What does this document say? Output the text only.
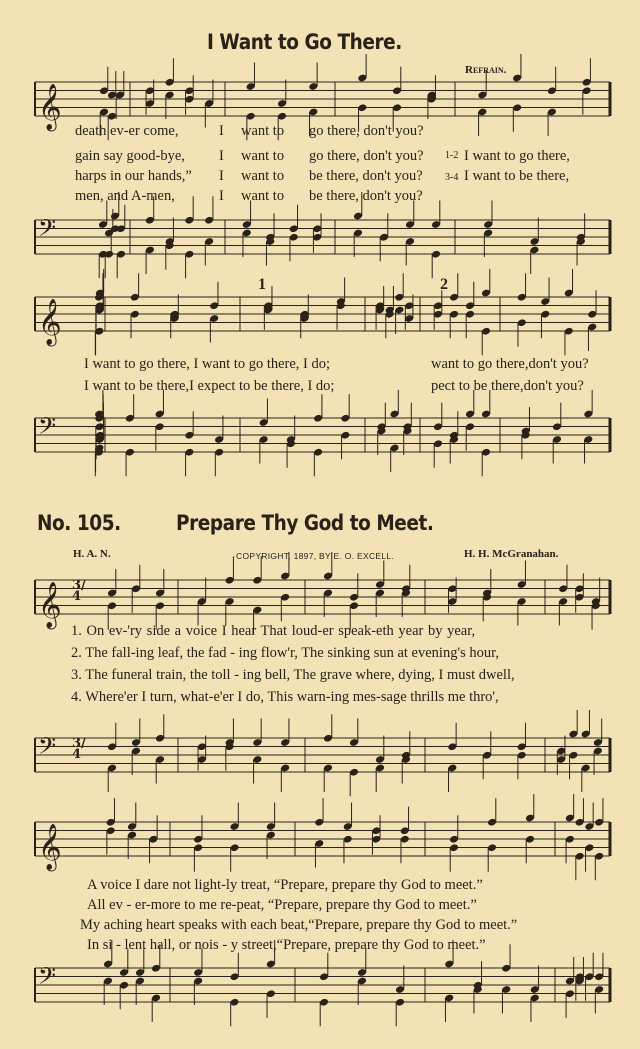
I Want to Go There.
Refrain.
𝄞
death ev-er come,	I want to go there, don't you?
gain say good-bye, I want to go there, don't you? 1-2 I want to go there,
harps in our hands,” I want to be there, don't you? 3-4 I want to be there,
men, and A-men,	I want to be there, don't you?
𝄢
1	2
𝄞
I want to go there, I want to go there, I do;	want to go there,don't you?
I want to be there,I expect to be there, I do;	pect to be there,don't you?
𝄢
No. 105.	Prepare Thy God to Meet.
H. A. N.	COPYRIGHT, 1897, BY E. O. EXCELL.	H. H. McGranahan.
𝄞 3/4
1. On ev-'ry side a voice I hear That loud-er speak-eth year by year,
2. The fall-ing leaf, the fad - ing flow'r, The sinking sun at evening's hour,
3. The funeral train, the toll - ing bell, The grave where, dying, I must dwell,
4. Where'er I turn, what-e'er I do, This warn-ing mes-sage thrills me thro',
𝄢 3/4
𝄞
A voice I dare not light-ly treat, “Prepare, prepare thy God to meet.”
All ev - er-more to me re-peat, “Prepare, prepare thy God to meet.”
My aching heart speaks with each beat,“Prepare, prepare thy God to meet.”
In si - lent hall, or nois - y street,“Prepare, prepare thy God to meet.”
𝄢
